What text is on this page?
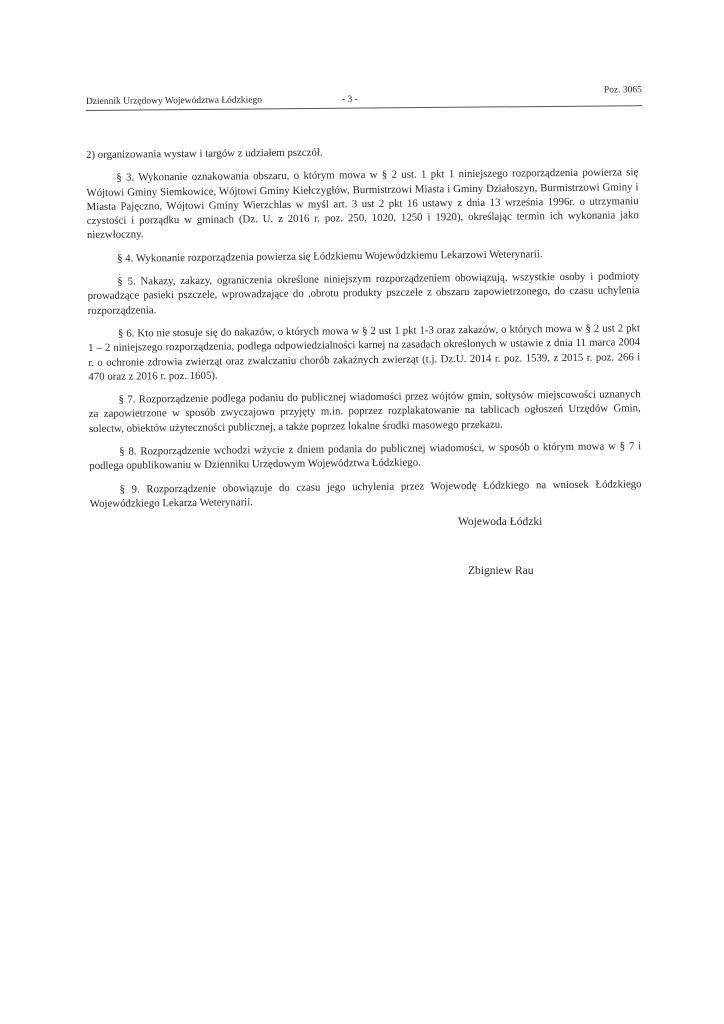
Dziennik Urzędowy Województwa Łódzkiego	- 3 -
Poz. 3065

2) organizowania wystaw i targów z udziałem pszczół.

§ 3. Wykonanie oznakowania obszaru, o którym mowa w § 2 ust. 1 pkt 1 niniejszego rozporządzenia powierza się Wójtowi Gminy Siemkowice, Wójtowi Gminy Kiełczygłów, Burmistrzowi Miasta i Gminy Działoszyn, Burmistrzowi Gminy i Miasta Pajęczno, Wójtowi Gminy Wierzchlas w myśl art. 3 ust 2 pkt 16 ustawy z dnia 13 września 1996r. o utrzymaniu czystości i porządku w gminach (Dz. U. z 2016 r. poz. 250, 1020, 1250 i 1920), określając termin ich wykonania jako niezwłoczny.

§ 4. Wykonanie rozporządzenia powierza się Łódzkiemu Wojewódzkiemu Lekarzowi Weterynarii.

§ 5. Nakazy, zakazy, ograniczenia określone niniejszym rozporządzeniem obowiązują, wszystkie osoby i podmioty prowadzące pasieki pszczele, wprowadzające do ,obrotu produkty pszczele z obszaru zapowietrzonego, do czasu uchylenia rozporządzenia.

§ 6. Kto nie stosuje się do nakazów, o których mowa w § 2 ust 1 pkt 1-3 oraz zakazów, o których mowa w § 2 ust 2 pkt 1 – 2 niniejszego rozporządzenia, podlega odpowiedzialności karnej na zasadach określonych w ustawie z dnia 11 marca 2004 r. o ochronie zdrowia zwierząt oraz zwalczaniu chorób zakaźnych zwierząt (t.j. Dz.U. 2014 r. poz. 1539, z 2015 r. poz. 266 i 470 oraz z 2016 r. poz. 1605).

§ 7. Rozporządzenie podlega podaniu do publicznej wiadomości przez wójtów gmin, sołtysów miejscowości uznanych za zapowietrzone w sposób zwyczajowo przyjęty m.in. poprzez rozplakatowanie na tablicach ogłoszeń Urzędów Gmin, solectw, obiektów użyteczności publicznej, a także poprzez lokalne środki masowego przekazu.

§ 8. Rozporządzenie wchodzi wżycie z dniem podania do publicznej wiadomości, w sposób o którym mowa w § 7 i podlega opublikowaniu w Dzienniku Urzędowym Województwa Łódzkiego.

§ 9. Rozporządzenie obowiązuje do czasu jego uchylenia przez Wojewodę Łódzkiego na wniosek Łódzkiego Wojewódzkiego Lekarza Weterynarii.

Wojewoda Łódzki
Zbigniew Rau
